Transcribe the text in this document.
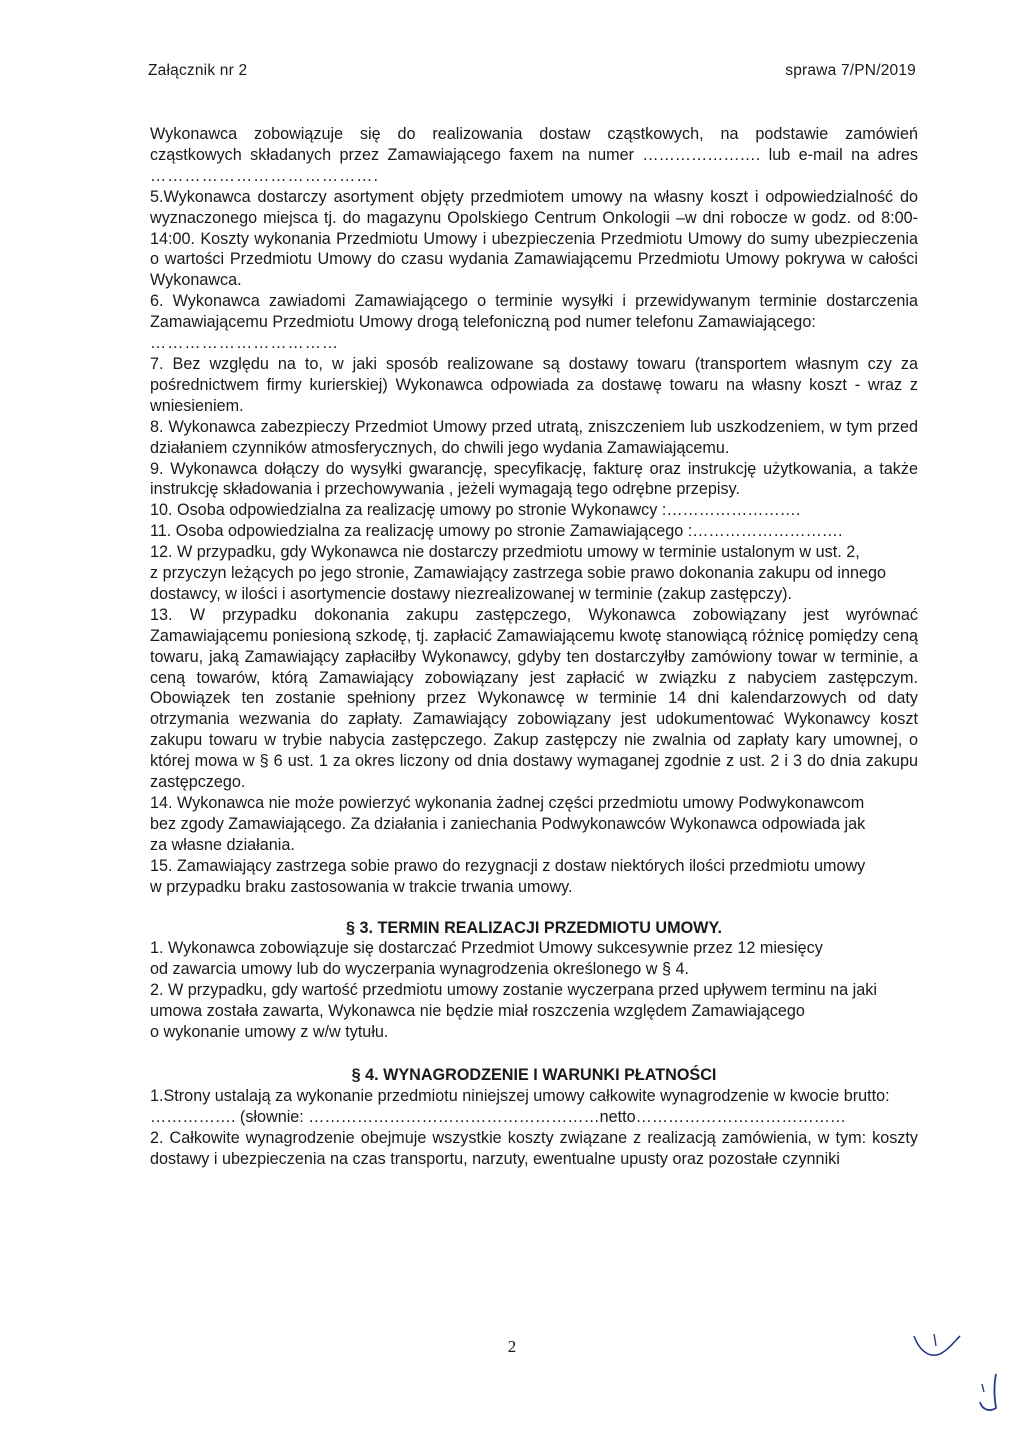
Załącznik nr 2	sprawa 7/PN/2019

Wykonawca zobowiązuje się do realizowania dostaw cząstkowych, na podstawie zamówień

cząstkowych składanych przez Zamawiającego faxem na numer …………………. lub e-mail na adres

………………………………….

5.Wykonawca dostarczy asortyment objęty przedmiotem umowy na własny koszt i odpowiedzialność do wyznaczonego miejsca tj. do magazynu Opolskiego Centrum Onkologii –w dni robocze w godz. od 8:00-14:00. Koszty wykonania Przedmiotu Umowy i ubezpieczenia Przedmiotu Umowy do sumy ubezpieczenia o wartości Przedmiotu Umowy do czasu wydania Zamawiającemu Przedmiotu Umowy pokrywa w całości Wykonawca.

6. Wykonawca zawiadomi Zamawiającego o terminie wysyłki i przewidywanym terminie dostarczenia Zamawiającemu Przedmiotu Umowy drogą telefoniczną pod numer telefonu Zamawiającego:

……………………………

7. Bez względu na to, w jaki sposób realizowane są dostawy towaru (transportem własnym czy za pośrednictwem firmy kurierskiej) Wykonawca odpowiada za dostawę towaru na własny koszt - wraz z wniesieniem.

8. Wykonawca zabezpieczy Przedmiot Umowy przed utratą, zniszczeniem lub uszkodzeniem, w tym przed działaniem czynników atmosferycznych, do chwili jego wydania Zamawiającemu.

9. Wykonawca dołączy do wysyłki gwarancję, specyfikację, fakturę oraz instrukcję użytkowania, a także instrukcję składowania i przechowywania , jeżeli wymagają tego odrębne przepisy.

10. Osoba odpowiedzialna za realizację umowy po stronie Wykonawcy :…………………….

11. Osoba odpowiedzialna za realizację umowy po stronie Zamawiającego :……………………….

12. W przypadku, gdy Wykonawca nie dostarczy przedmiotu umowy w terminie ustalonym w ust. 2,

z przyczyn leżących po jego stronie, Zamawiający zastrzega sobie prawo dokonania zakupu od innego

dostawcy, w ilości i asortymencie dostawy niezrealizowanej w terminie (zakup zastępczy).

13. W przypadku dokonania zakupu zastępczego, Wykonawca zobowiązany jest wyrównać Zamawiającemu poniesioną szkodę, tj. zapłacić Zamawiającemu kwotę stanowiącą różnicę pomiędzy ceną towaru, jaką Zamawiający zapłaciłby Wykonawcy, gdyby ten dostarczyłby zamówiony towar w terminie, a ceną towarów, którą Zamawiający zobowiązany jest zapłacić w związku z nabyciem zastępczym. Obowiązek ten zostanie spełniony przez Wykonawcę w terminie 14 dni kalendarzowych od daty otrzymania wezwania do zapłaty. Zamawiający zobowiązany jest udokumentować Wykonawcy koszt zakupu towaru w trybie nabycia zastępczego. Zakup zastępczy nie zwalnia od zapłaty kary umownej, o której mowa w § 6 ust. 1 za okres liczony od dnia dostawy wymaganej zgodnie z ust. 2 i 3 do dnia zakupu zastępczego.

14. Wykonawca nie może powierzyć wykonania żadnej części przedmiotu umowy Podwykonawcom

bez zgody Zamawiającego. Za działania i zaniechania Podwykonawców Wykonawca odpowiada jak

za własne działania.

15. Zamawiający zastrzega sobie prawo do rezygnacji z dostaw niektórych ilości przedmiotu umowy

w przypadku braku zastosowania w trakcie trwania umowy.

§ 3. TERMIN REALIZACJI PRZEDMIOTU UMOWY.

1. Wykonawca zobowiązuje się dostarczać Przedmiot Umowy sukcesywnie przez 12 miesięcy

od zawarcia umowy lub do wyczerpania wynagrodzenia określonego w § 4.

2. W przypadku, gdy wartość przedmiotu umowy zostanie wyczerpana przed upływem terminu na jaki

umowa została zawarta, Wykonawca nie będzie miał roszczenia względem Zamawiającego

o wykonanie umowy z w/w tytułu.

§ 4. WYNAGRODZENIE I WARUNKI PŁATNOŚCI

1.Strony ustalają za wykonanie przedmiotu niniejszej umowy całkowite wynagrodzenie w kwocie brutto:

……………. (słownie: ………………………………………………netto…………………………………

2. Całkowite wynagrodzenie obejmuje wszystkie koszty związane z realizacją zamówienia, w tym: koszty dostawy i ubezpieczenia na czas transportu, narzuty, ewentualne upusty oraz pozostałe czynniki

2
